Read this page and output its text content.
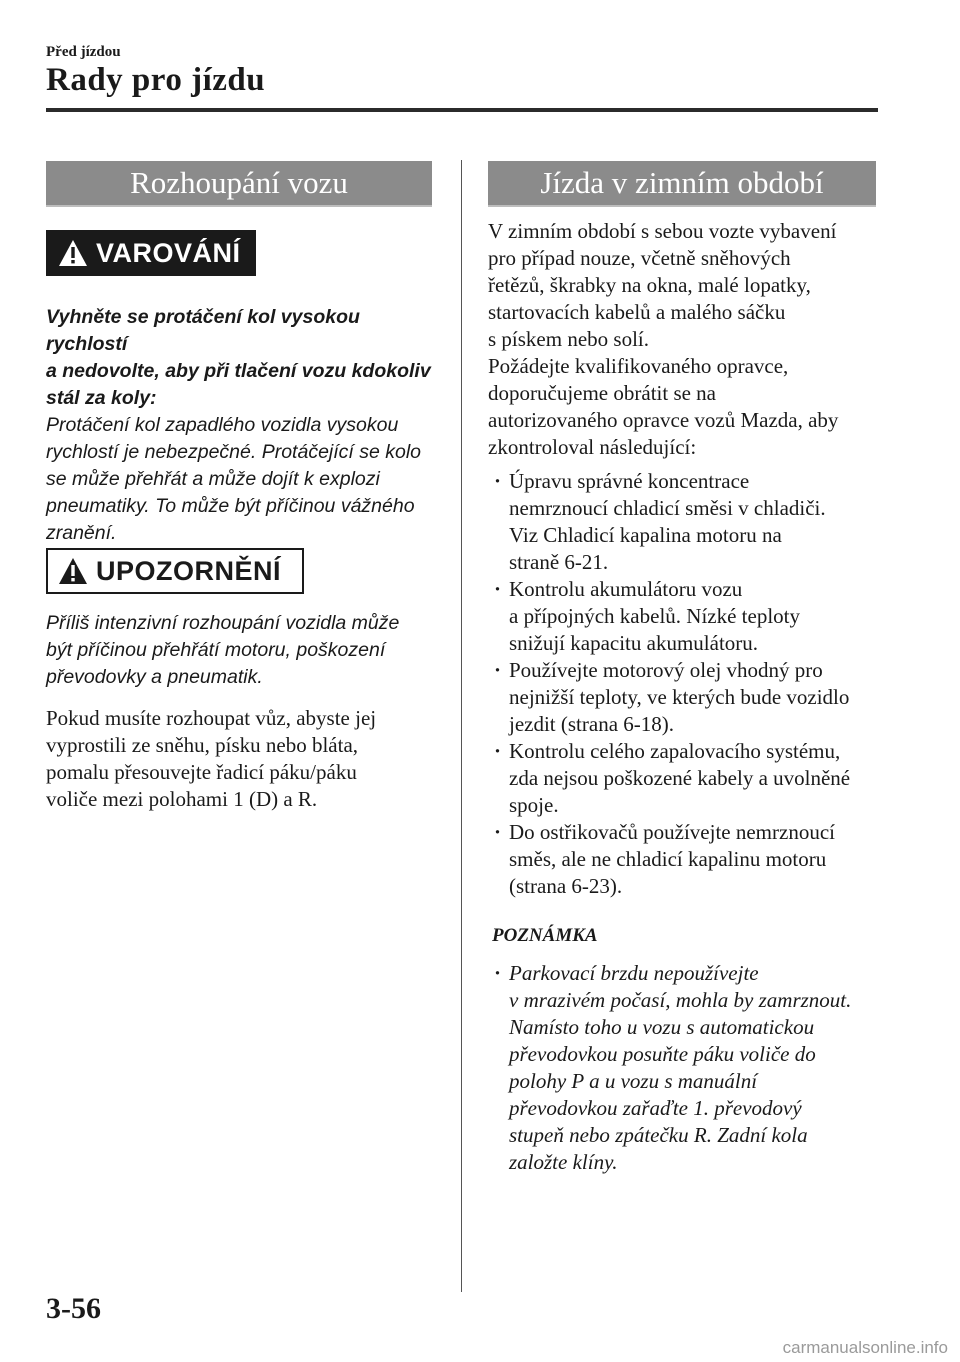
Před jízdou
Rady pro jízdu
Rozhoupání vozu
VAROVÁNÍ
Vyhněte se protáčení kol vysokou rychlostí
a nedovolte, aby při tlačení vozu kdokoliv
stál za koly:
Protáčení kol zapadlého vozidla vysokou
rychlostí je nebezpečné. Protáčející se kolo
se může přehřát a může dojít k explozi
pneumatiky. To může být příčinou vážného
zranění.
UPOZORNĚNÍ
Příliš intenzivní rozhoupání vozidla může
být příčinou přehřátí motoru, poškození
převodovky a pneumatik.
Pokud musíte rozhoupat vůz, abyste jej
vyprostili ze sněhu, písku nebo bláta,
pomalu přesouvejte řadicí páku/páku
voliče mezi polohami 1 (D) a R.
Jízda v zimním období
V zimním období s sebou vozte vybavení
pro případ nouze, včetně sněhových
řetězů, škrabky na okna, malé lopatky,
startovacích kabelů a malého sáčku
s pískem nebo solí.
Požádejte kvalifikovaného opravce,
doporučujeme obrátit se na
autorizovaného opravce vozů Mazda, aby
zkontroloval následující:
· Úpravu správné koncentrace
nemrznoucí chladicí směsi v chladiči.
Viz Chladicí kapalina motoru na
straně 6-21.
· Kontrolu akumulátoru vozu
a přípojných kabelů. Nízké teploty
snižují kapacitu akumulátoru.
· Používejte motorový olej vhodný pro
nejnižší teploty, ve kterých bude vozidlo
jezdit (strana 6-18).
· Kontrolu celého zapalovacího systému,
zda nejsou poškozené kabely a uvolněné
spoje.
· Do ostřikovačů používejte nemrznoucí
směs, ale ne chladicí kapalinu motoru
(strana 6-23).
POZNÁMKA
· Parkovací brzdu nepoužívejte
v mrazivém počasí, mohla by zamrznout.
Namísto toho u vozu s automatickou
převodovkou posuňte páku voliče do
polohy P a u vozu s manuální
převodovkou zařaďte 1. převodový
stupeň nebo zpátečku R. Zadní kola
založte klíny.
3-56
carmanualsonline.info
